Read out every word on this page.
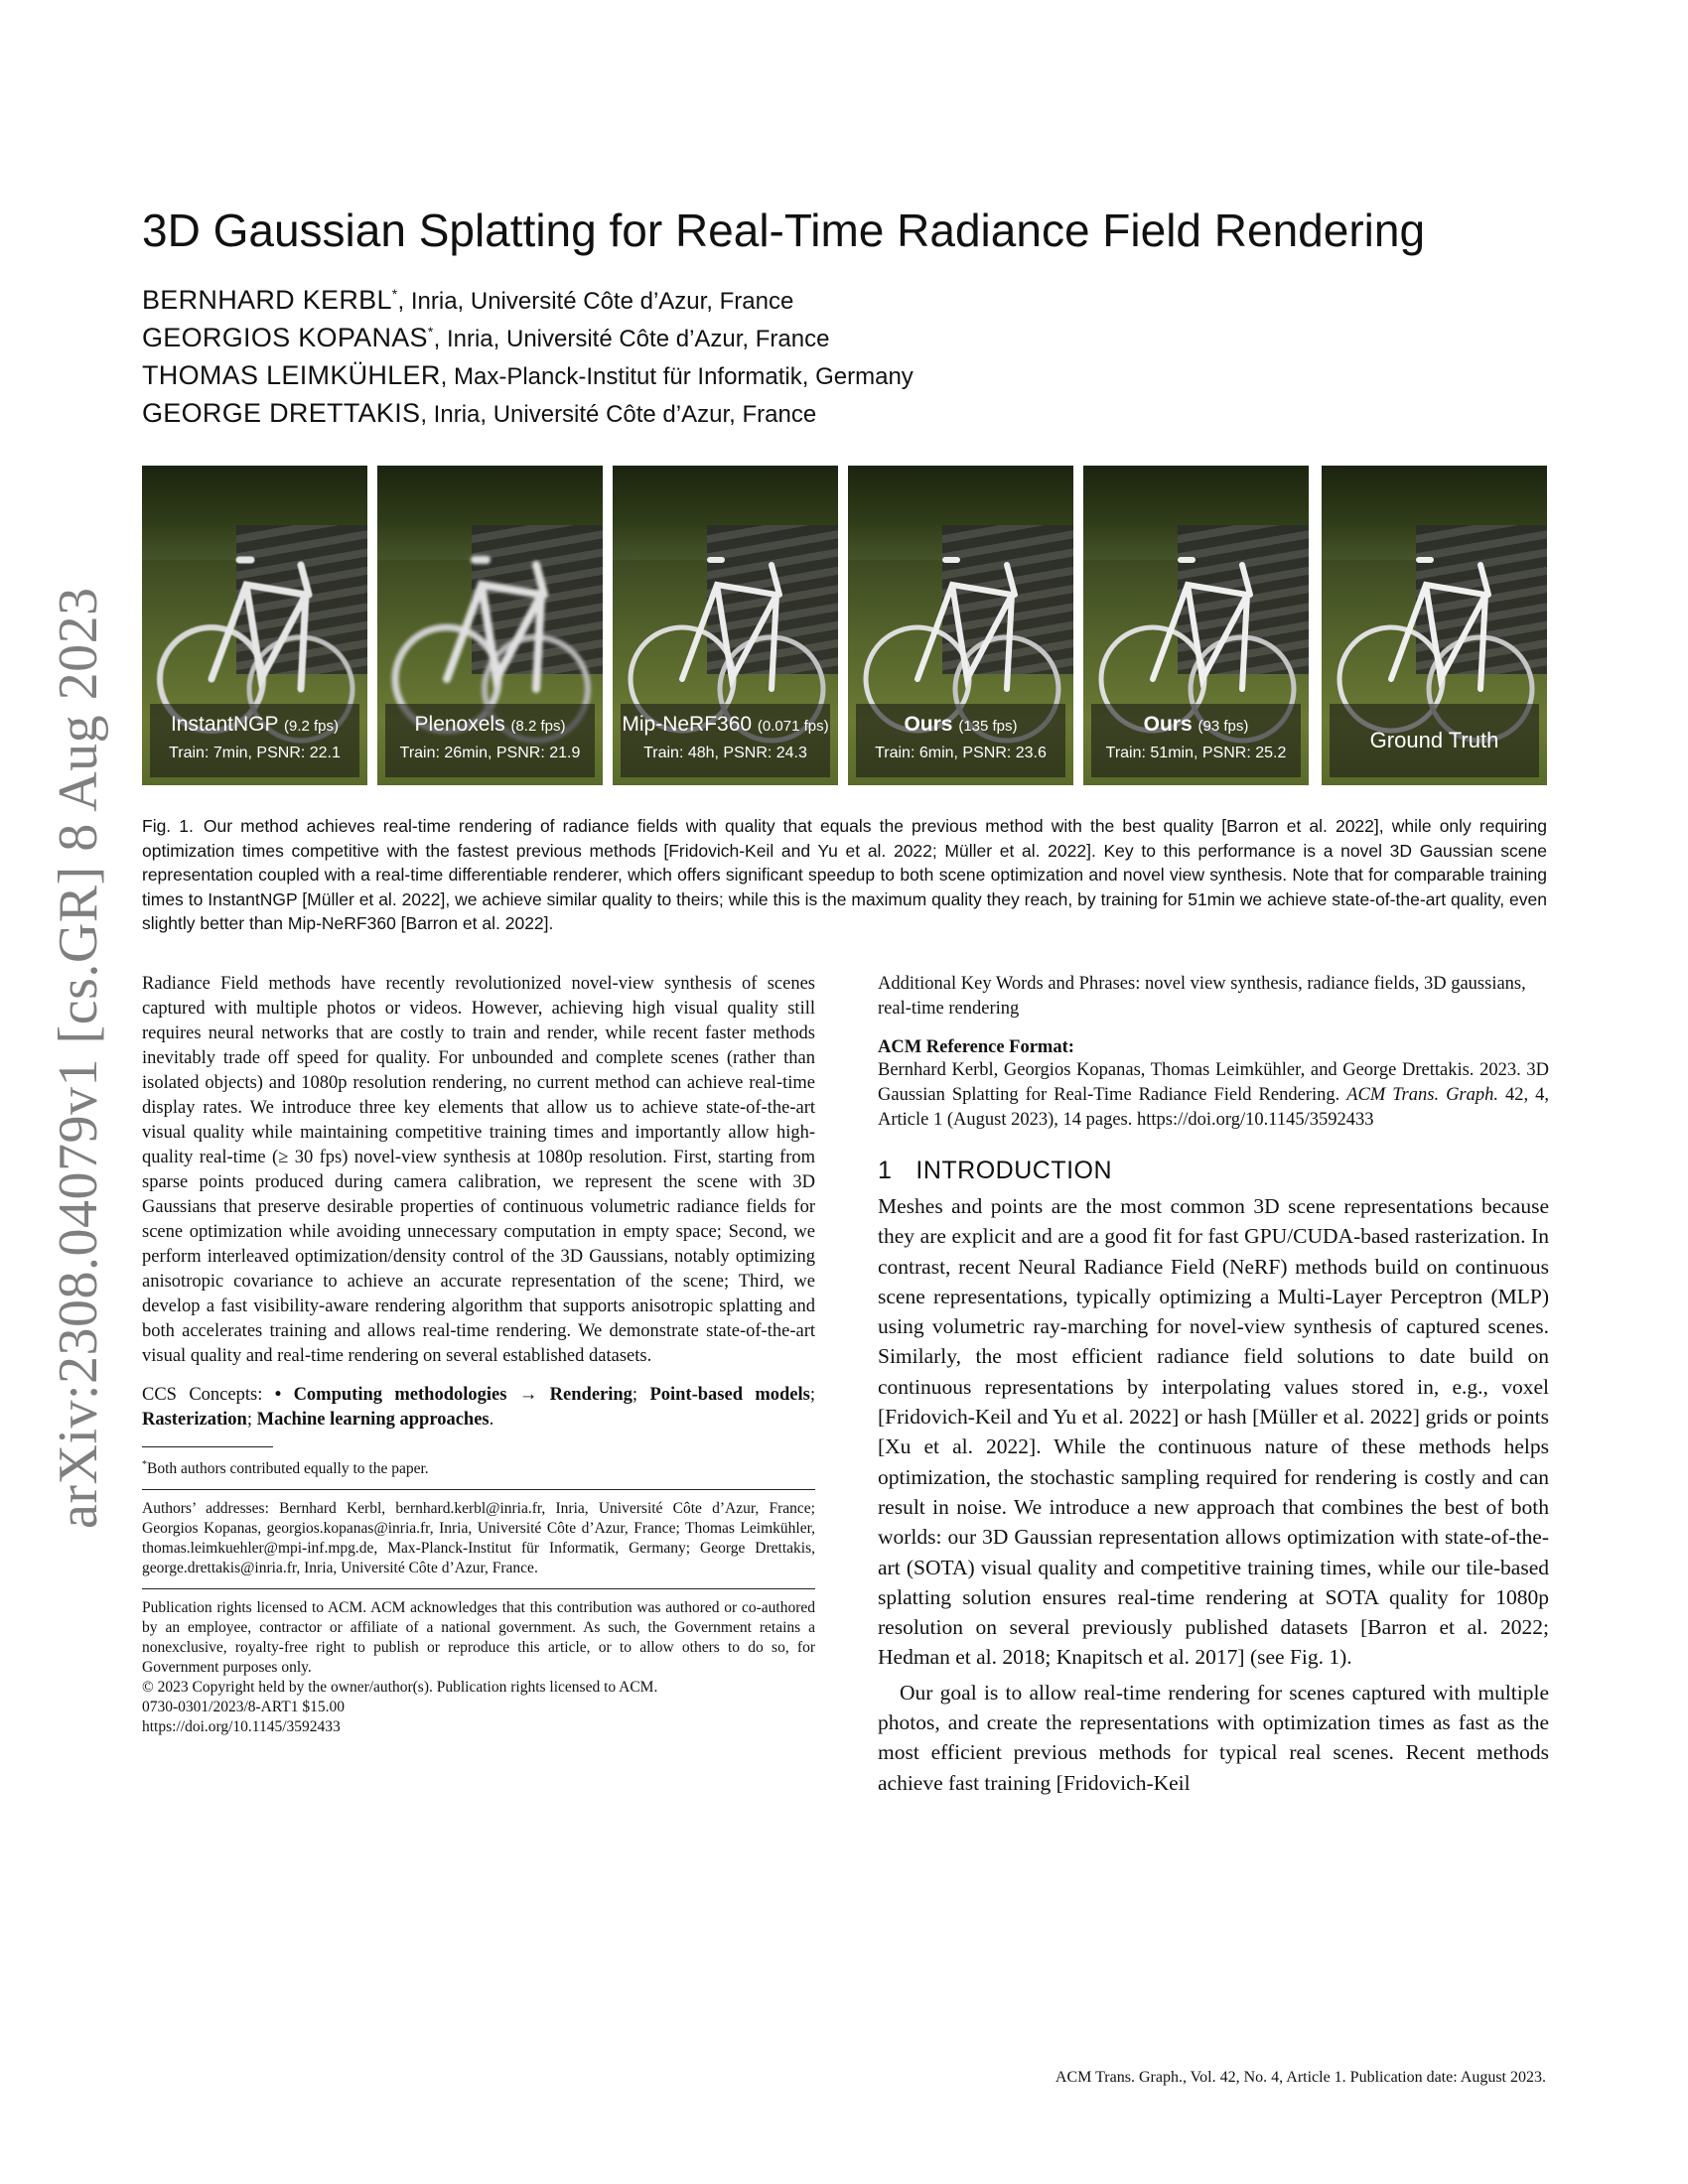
arXiv:2308.04079v1 [cs.GR] 8 Aug 2023
3D Gaussian Splatting for Real-Time Radiance Field Rendering
BERNHARD KERBL*, Inria, Université Côte d’Azur, France
GEORGIOS KOPANAS*, Inria, Université Côte d’Azur, France
THOMAS LEIMKÜHLER, Max-Planck-Institut für Informatik, Germany
GEORGE DRETTAKIS, Inria, Université Côte d’Azur, France
InstantNGP (9.2 fps)
Train: 7min, PSNR: 22.1
Plenoxels (8.2 fps)
Train: 26min, PSNR: 21.9
Mip-NeRF360 (0.071 fps)
Train: 48h, PSNR: 24.3
Ours (135 fps)
Train: 6min, PSNR: 23.6
Ours (93 fps)
Train: 51min, PSNR: 25.2
Ground Truth

Fig. 1. Our method achieves real-time rendering of radiance fields with quality that equals the previous method with the best quality [Barron et al. 2022], while only requiring optimization times competitive with the fastest previous methods [Fridovich-Keil and Yu et al. 2022; Müller et al. 2022]. Key to this performance is a novel 3D Gaussian scene representation coupled with a real-time differentiable renderer, which offers significant speedup to both scene optimization and novel view synthesis. Note that for comparable training times to InstantNGP [Müller et al. 2022], we achieve similar quality to theirs; while this is the maximum quality they reach, by training for 51min we achieve state-of-the-art quality, even slightly better than Mip-NeRF360 [Barron et al. 2022].

Radiance Field methods have recently revolutionized novel-view synthesis of scenes captured with multiple photos or videos. However, achieving high visual quality still requires neural networks that are costly to train and render, while recent faster methods inevitably trade off speed for quality. For unbounded and complete scenes (rather than isolated objects) and 1080p resolution rendering, no current method can achieve real-time display rates. We introduce three key elements that allow us to achieve state-of-the-art visual quality while maintaining competitive training times and importantly allow high-quality real-time (≥ 30 fps) novel-view synthesis at 1080p resolution. First, starting from sparse points produced during camera calibration, we represent the scene with 3D Gaussians that preserve desirable properties of continuous volumetric radiance fields for scene optimization while avoiding unnecessary computation in empty space; Second, we perform interleaved optimization/density control of the 3D Gaussians, notably optimizing anisotropic covariance to achieve an accurate representation of the scene; Third, we develop a fast visibility-aware rendering algorithm that supports anisotropic splatting and both accelerates training and allows real-time rendering. We demonstrate state-of-the-art visual quality and real-time rendering on several established datasets.

CCS Concepts: • Computing methodologies → Rendering; Point-based models; Rasterization; Machine learning approaches.

*Both authors contributed equally to the paper.

Authors’ addresses: Bernhard Kerbl, bernhard.kerbl@inria.fr, Inria, Université Côte d’Azur, France; Georgios Kopanas, georgios.kopanas@inria.fr, Inria, Université Côte d’Azur, France; Thomas Leimkühler, thomas.leimkuehler@mpi-inf.mpg.de, Max-Planck-Institut für Informatik, Germany; George Drettakis, george.drettakis@inria.fr, Inria, Université Côte d’Azur, France.

Publication rights licensed to ACM. ACM acknowledges that this contribution was authored or co-authored by an employee, contractor or affiliate of a national government. As such, the Government retains a nonexclusive, royalty-free right to publish or reproduce this article, or to allow others to do so, for Government purposes only.

© 2023 Copyright held by the owner/author(s). Publication rights licensed to ACM.

0730-0301/2023/8-ART1 $15.00

https://doi.org/10.1145/3592433

Additional Key Words and Phrases: novel view synthesis, radiance fields, 3D gaussians, real-time rendering

ACM Reference Format:

Bernhard Kerbl, Georgios Kopanas, Thomas Leimkühler, and George Drettakis. 2023. 3D Gaussian Splatting for Real-Time Radiance Field Rendering. ACM Trans. Graph. 42, 4, Article 1 (August 2023), 14 pages. https://doi.org/10.1145/3592433

1 INTRODUCTION

Meshes and points are the most common 3D scene representations because they are explicit and are a good fit for fast GPU/CUDA-based rasterization. In contrast, recent Neural Radiance Field (NeRF) methods build on continuous scene representations, typically optimizing a Multi-Layer Perceptron (MLP) using volumetric ray-marching for novel-view synthesis of captured scenes. Similarly, the most efficient radiance field solutions to date build on continuous representations by interpolating values stored in, e.g., voxel [Fridovich-Keil and Yu et al. 2022] or hash [Müller et al. 2022] grids or points [Xu et al. 2022]. While the continuous nature of these methods helps optimization, the stochastic sampling required for rendering is costly and can result in noise. We introduce a new approach that combines the best of both worlds: our 3D Gaussian representation allows optimization with state-of-the-art (SOTA) visual quality and competitive training times, while our tile-based splatting solution ensures real-time rendering at SOTA quality for 1080p resolution on several previously published datasets [Barron et al. 2022; Hedman et al. 2018; Knapitsch et al. 2017] (see Fig. 1).

Our goal is to allow real-time rendering for scenes captured with multiple photos, and create the representations with optimization times as fast as the most efficient previous methods for typical real scenes. Recent methods achieve fast training [Fridovich-Keil

ACM Trans. Graph., Vol. 42, No. 4, Article 1. Publication date: August 2023.
